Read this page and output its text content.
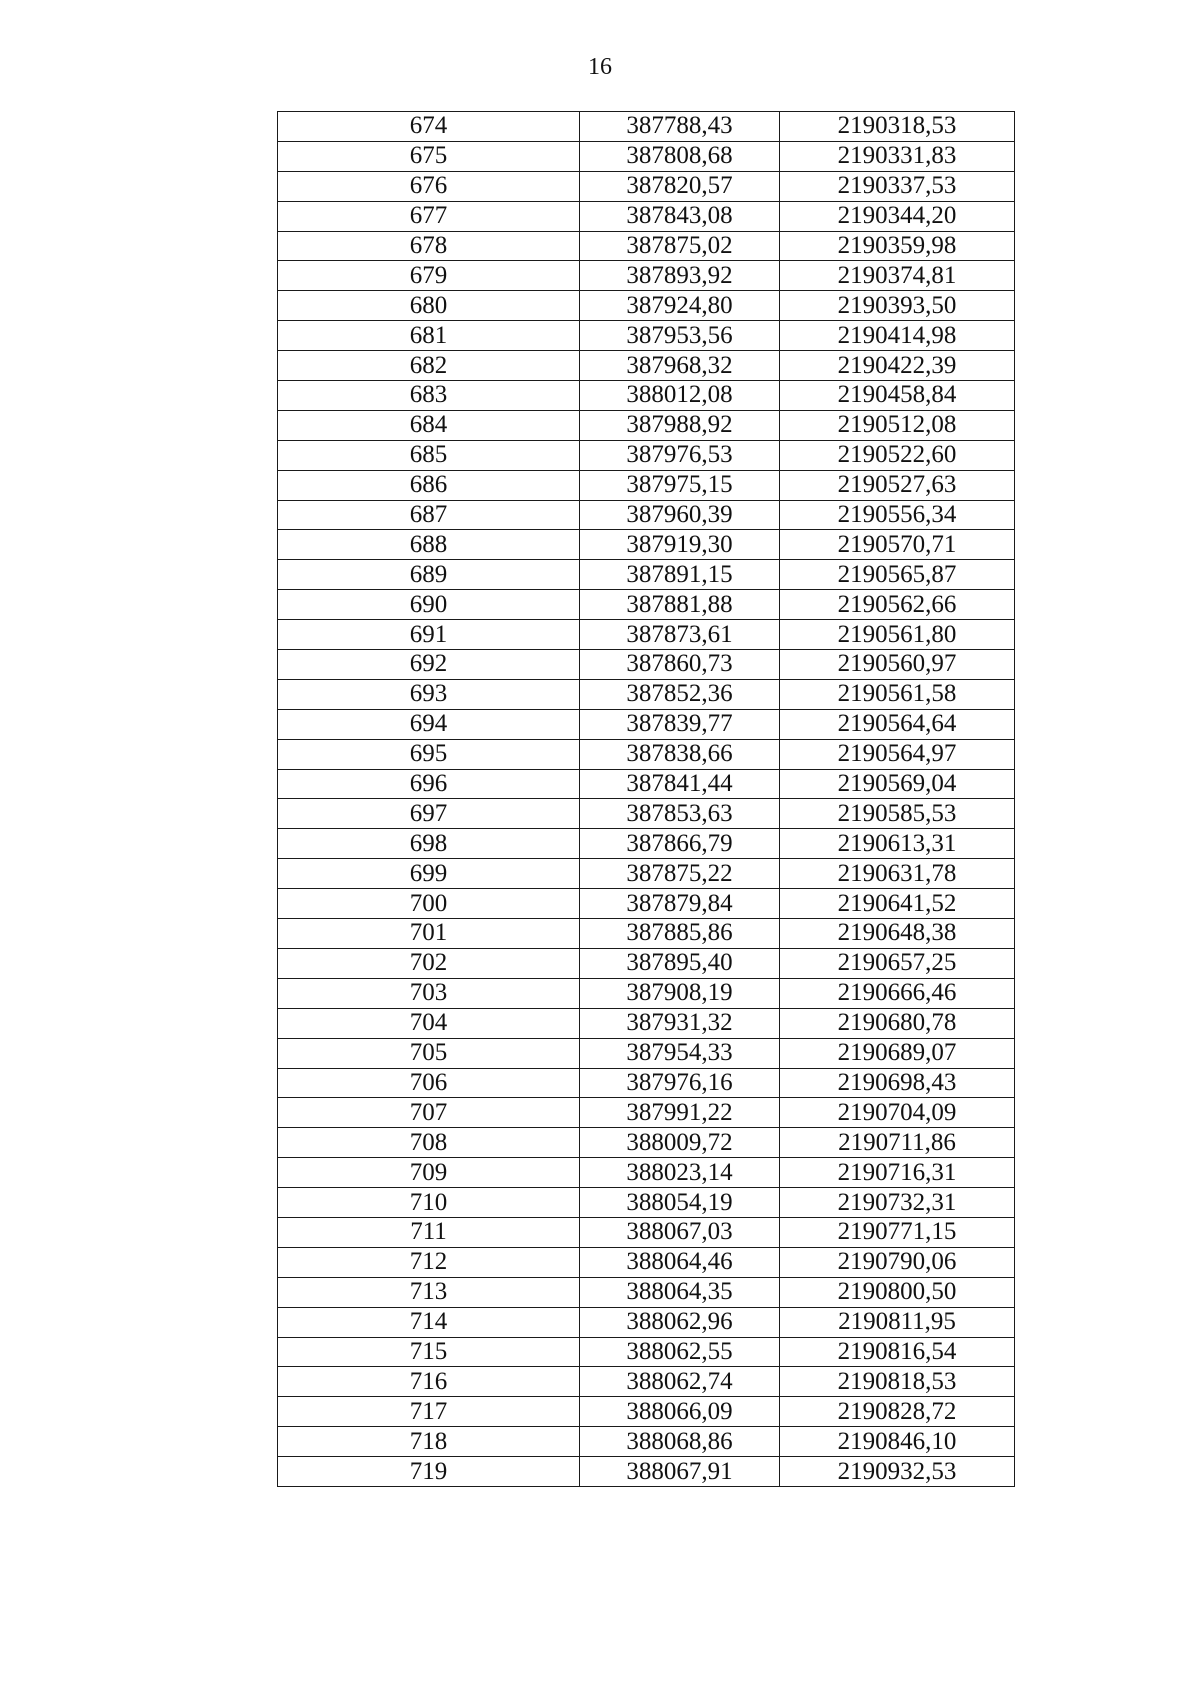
16
674	387788,43	2190318,53
675	387808,68	2190331,83
676	387820,57	2190337,53
677	387843,08	2190344,20
678	387875,02	2190359,98
679	387893,92	2190374,81
680	387924,80	2190393,50
681	387953,56	2190414,98
682	387968,32	2190422,39
683	388012,08	2190458,84
684	387988,92	2190512,08
685	387976,53	2190522,60
686	387975,15	2190527,63
687	387960,39	2190556,34
688	387919,30	2190570,71
689	387891,15	2190565,87
690	387881,88	2190562,66
691	387873,61	2190561,80
692	387860,73	2190560,97
693	387852,36	2190561,58
694	387839,77	2190564,64
695	387838,66	2190564,97
696	387841,44	2190569,04
697	387853,63	2190585,53
698	387866,79	2190613,31
699	387875,22	2190631,78
700	387879,84	2190641,52
701	387885,86	2190648,38
702	387895,40	2190657,25
703	387908,19	2190666,46
704	387931,32	2190680,78
705	387954,33	2190689,07
706	387976,16	2190698,43
707	387991,22	2190704,09
708	388009,72	2190711,86
709	388023,14	2190716,31
710	388054,19	2190732,31
711	388067,03	2190771,15
712	388064,46	2190790,06
713	388064,35	2190800,50
714	388062,96	2190811,95
715	388062,55	2190816,54
716	388062,74	2190818,53
717	388066,09	2190828,72
718	388068,86	2190846,10
719	388067,91	2190932,53
